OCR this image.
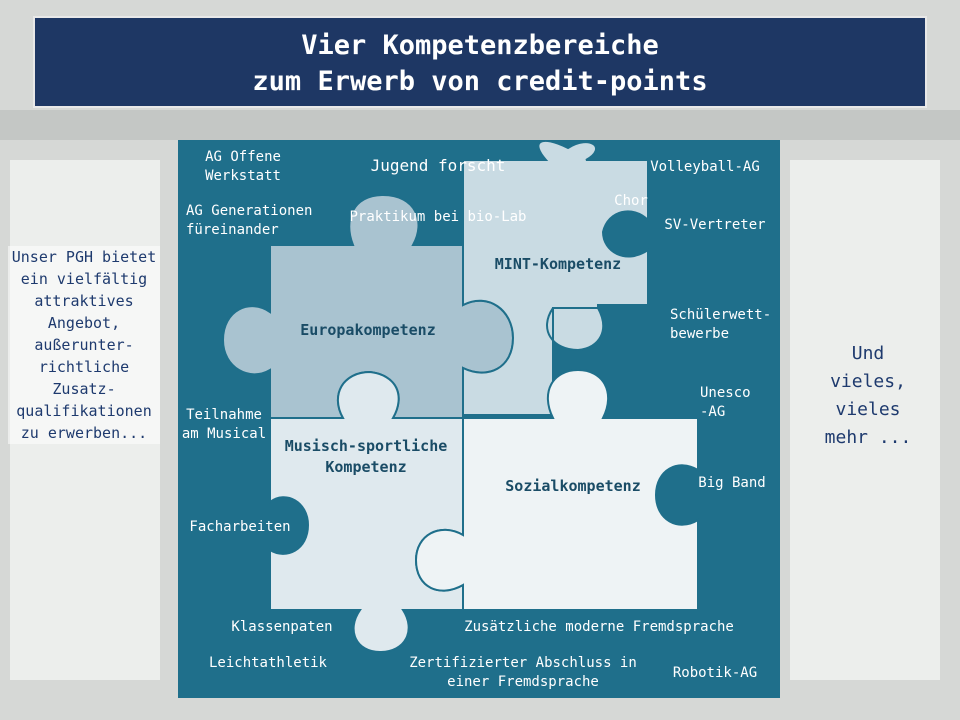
Vier Kompetenzbereiche
zum Erwerb von credit-points
Unser PGH bietet ein vielfältig attraktives Angebot, außerunter-richtliche Zusatz-qualifikationen zu erwerben...
Und vieles, vieles mehr ...
Europakompetenz
MINT-Kompetenz
Musisch-sportliche Kompetenz
Sozialkompetenz
AG Offene Werkstatt
Jugend forscht	Volleyball-AG
AG Generationen füreinander
Praktikum bei bio-Lab
Chor
SV-Vertreter
Schülerwett-bewerbe
Unesco -AG
Teilnahme am Musical
Big Band
Facharbeiten
Klassenpaten	Zusätzliche moderne Fremdsprache
Leichtathletik	Zertifizierter Abschluss in einer Fremdsprache
Robotik-AG
